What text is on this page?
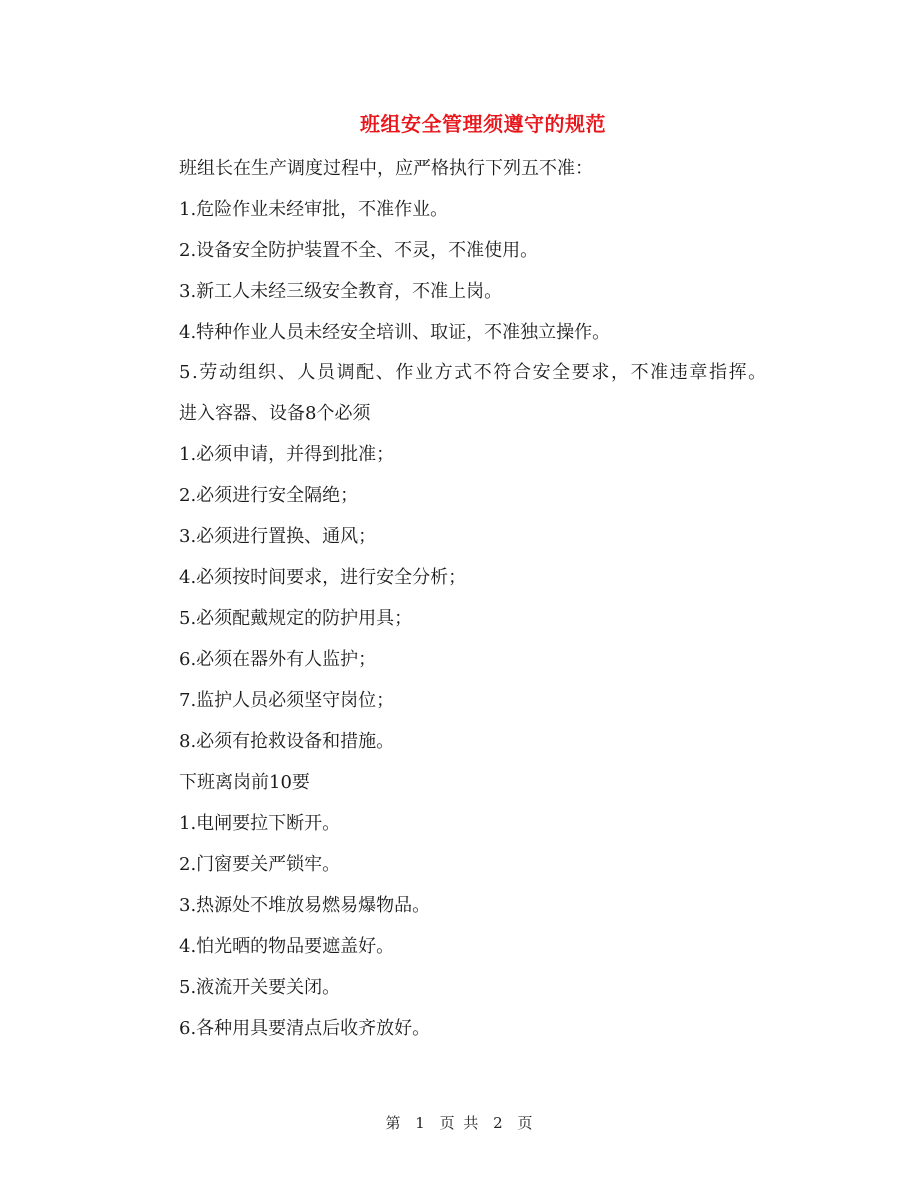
班组安全管理须遵守的规范
班组长在生产调度过程中，应严格执行下列五不准：
1.危险作业未经审批，不准作业。
2.设备安全防护装置不全、不灵，不准使用。
3.新工人未经三级安全教育，不准上岗。
4.特种作业人员未经安全培训、取证，不准独立操作。
5.劳动组织、人员调配、作业方式不符合安全要求，不准违章指挥。
进入容器、设备8个必须
1.必须申请，并得到批准；
2.必须进行安全隔绝；
3.必须进行置换、通风；
4.必须按时间要求，进行安全分析；
5.必须配戴规定的防护用具；
6.必须在器外有人监护；
7.监护人员必须坚守岗位；
8.必须有抢救设备和措施。
下班离岗前10要
1.电闸要拉下断开。
2.门窗要关严锁牢。
3.热源处不堆放易燃易爆物品。
4.怕光晒的物品要遮盖好。
5.液流开关要关闭。
6.各种用具要清点后收齐放好。
第 1 页 共 2 页
